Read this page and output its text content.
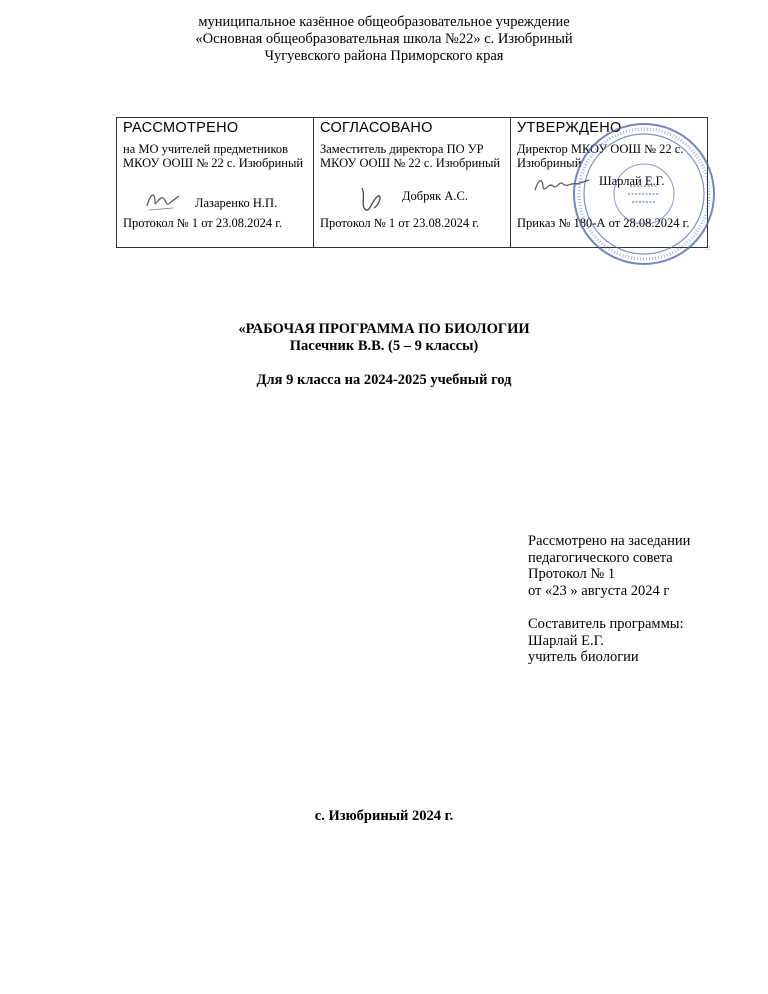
муниципальное казённое общеобразовательное учреждение
«Основная общеобразовательная школа №22» с. Изюбриный
Чугуевского района Приморского края
⌐
□
РАССМОТРЕНО
на МО учителей предметников МКОУ ООШ № 22 с. Изюбриный
Лазаренко Н.П.
Протокол № 1 от 23.08.2024 г.
СОГЛАСОВАНО
Заместитель директора ПО УР МКОУ ООШ № 22 с. Изюбриный
Добряк А.С.
Протокол № 1 от 23.08.2024 г.
УТВЕРЖДЕНО
Директор МКОУ ООШ № 22 с. Изюбриный
Шарлай Е.Г.
Приказ № 180-А от 28.08.2024 г.
«РАБОЧАЯ ПРОГРАММА ПО БИОЛОГИИ
Пасечник В.В. (5 – 9 классы)
Для 9 класса на 2024-2025 учебный год
Рассмотрено на заседании
педагогического совета
Протокол № 1
от «23 » августа 2024 г
Составитель программы:
Шарлай Е.Г.
учитель биологии
с. Изюбриный 2024 г.
